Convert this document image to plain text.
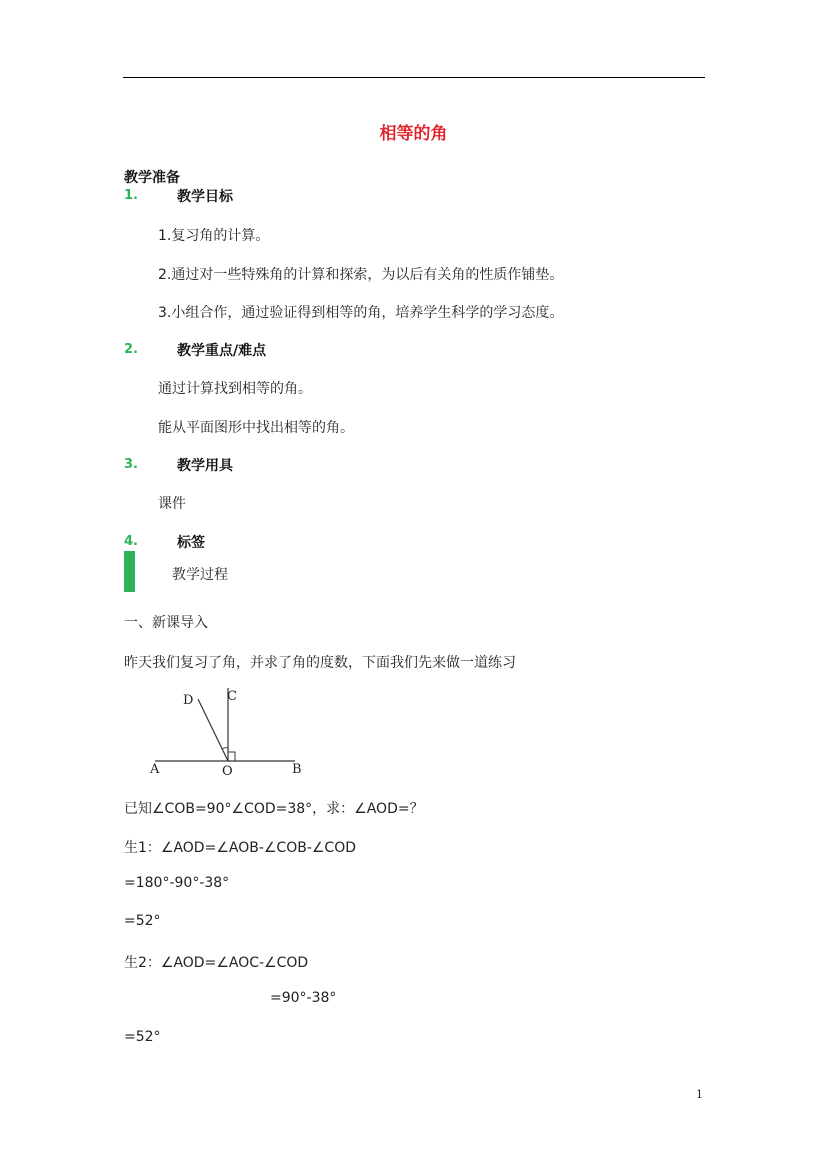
相等的角
教学准备
1.	教学目标
1.复习角的计算。
2.通过对一些特殊角的计算和探索，为以后有关角的性质作铺垫。
3.小组合作，通过验证得到相等的角，培养学生科学的学习态度。
2.	教学重点/难点
通过计算找到相等的角。
能从平面图形中找出相等的角。
3.	教学用具
课件
4.	标签
教学过程
一、新课导入
昨天我们复习了角，并求了角的度数，下面我们先来做一道练习
A	O	B
C
D
已知∠COB=90°∠COD=38°，求：∠AOD=？
生1：∠AOD=∠AOB-∠COB-∠COD
=180°-90°-38°
=52°
生2：∠AOD=∠AOC-∠COD
=90°-38°
=52°
1
